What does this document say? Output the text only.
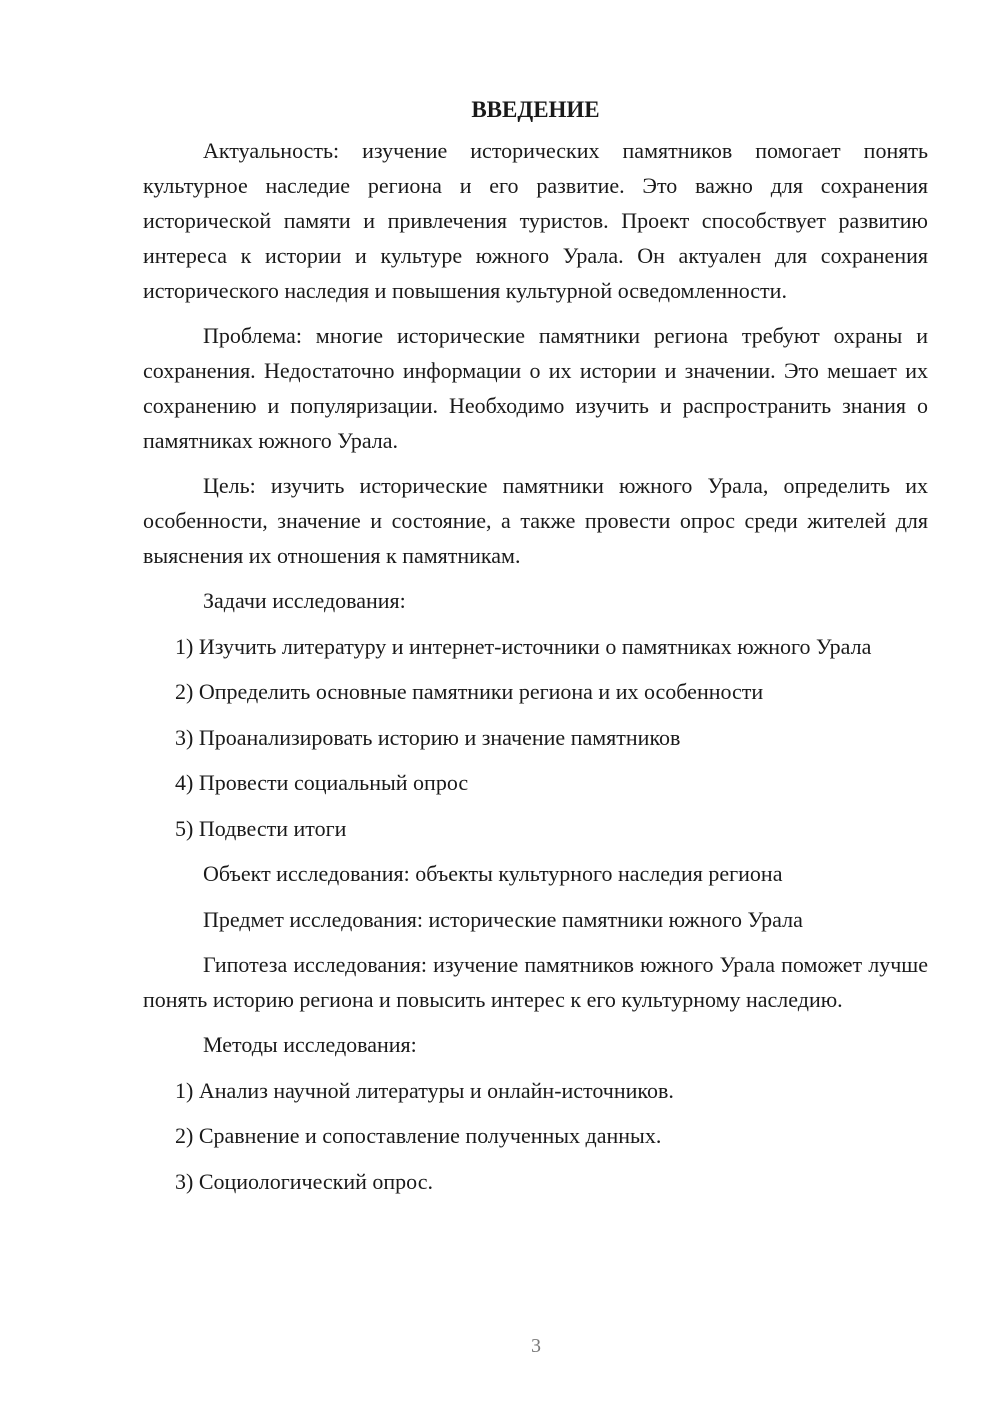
ВВЕДЕНИЕ

Актуальность: изучение исторических памятников помогает понять культурное наследие региона и его развитие. Это важно для сохранения исторической памяти и привлечения туристов. Проект способствует развитию интереса к истории и культуре южного Урала. Он актуален для сохранения исторического наследия и повышения культурной осведомленности.

Проблема: многие исторические памятники региона требуют охраны и сохранения. Недостаточно информации о их истории и значении. Это мешает их сохранению и популяризации. Необходимо изучить и распространить знания о памятниках южного Урала.

Цель: изучить исторические памятники южного Урала, определить их особенности, значение и состояние, а также провести опрос среди жителей для выяснения их отношения к памятникам.

Задачи исследования:

1) Изучить литературу и интернет-источники о памятниках южного Урала

2) Определить основные памятники региона и их особенности

3) Проанализировать историю и значение памятников

4) Провести социальный опрос

5) Подвести итоги

Объект исследования: объекты культурного наследия региона

Предмет исследования: исторические памятники южного Урала

Гипотеза исследования: изучение памятников южного Урала поможет лучше понять историю региона и повысить интерес к его культурному наследию.

Методы исследования:

1) Анализ научной литературы и онлайн-источников.

2) Сравнение и сопоставление полученных данных.

3) Социологический опрос.

3
